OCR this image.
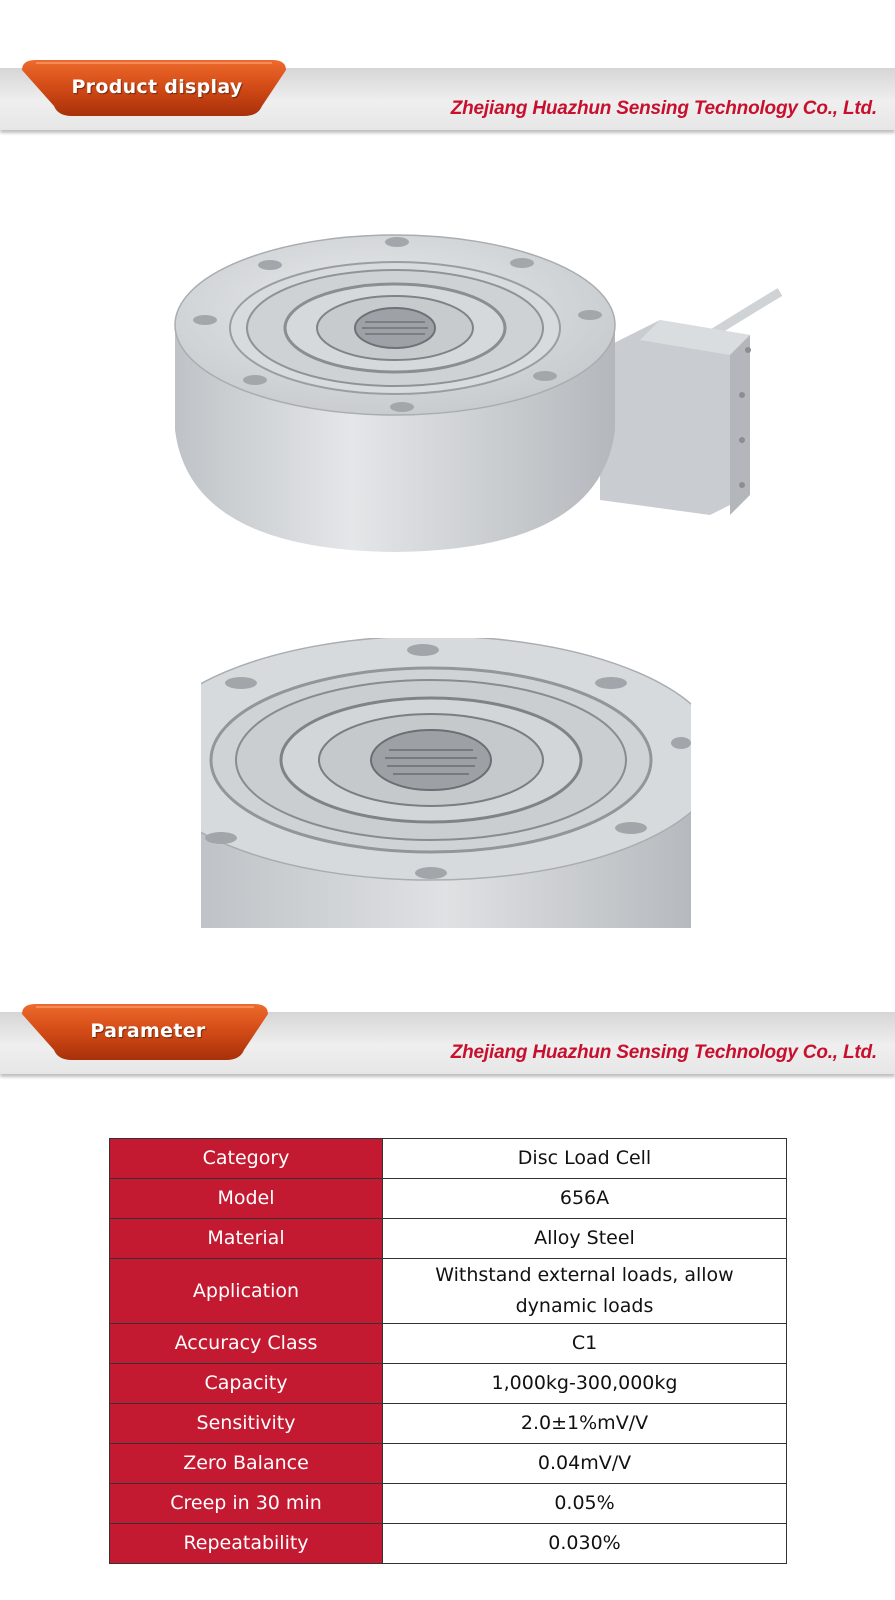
Product display
Zhejiang Huazhun Sensing Technology Co., Ltd.
Parameter
Zhejiang Huazhun Sensing Technology Co., Ltd.
Category	Disc Load Cell
Model	656A
Material	Alloy Steel
Application	Withstand external loads, allow dynamic loads
Accuracy Class	C1
Capacity	1,000kg-300,000kg
Sensitivity	2.0±1%mV/V
Zero Balance	0.04mV/V
Creep in 30 min	0.05%
Repeatability	0.030%
